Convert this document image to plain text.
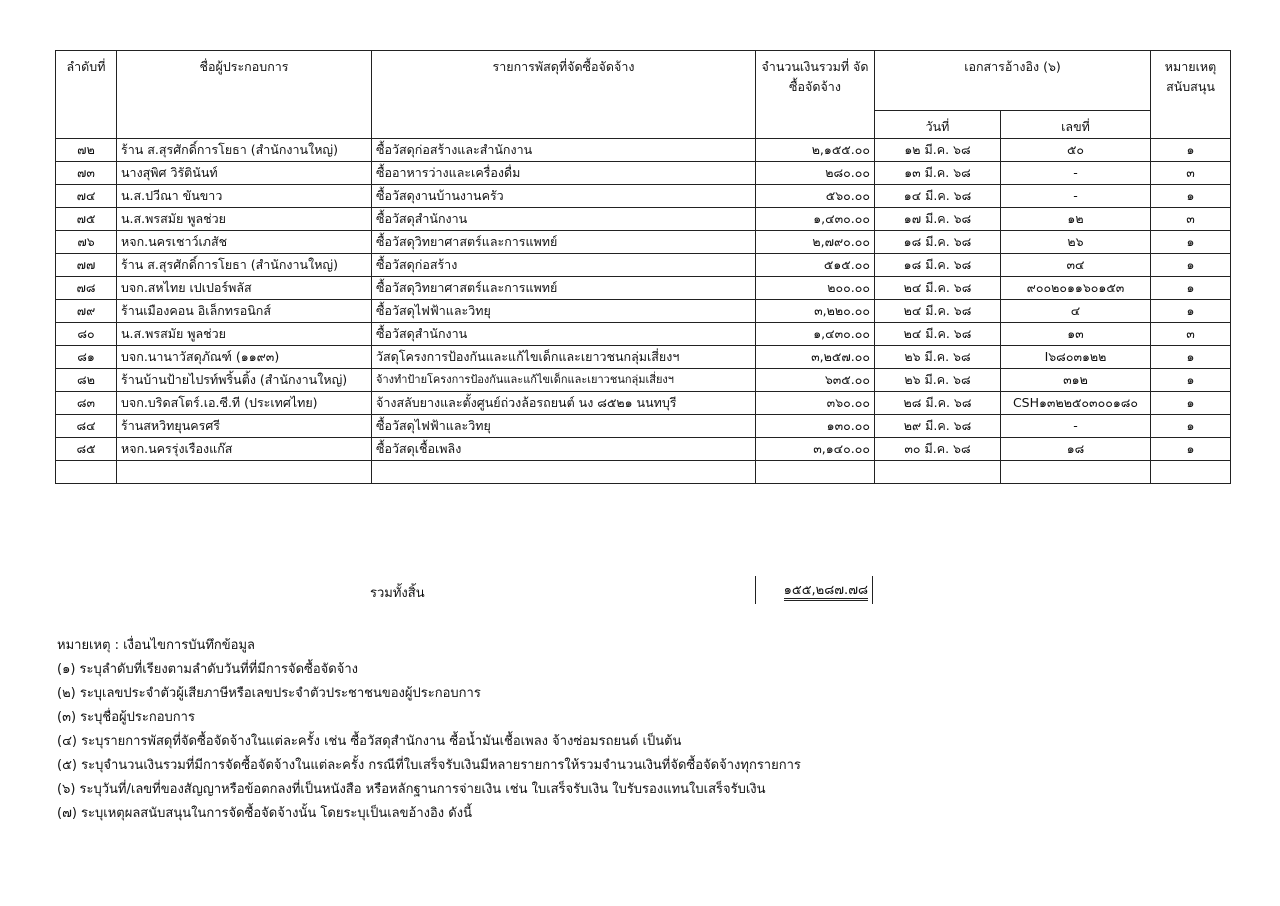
ลำดับที่	ชื่อผู้ประกอบการ	รายการพัสดุที่จัดซื้อจัดจ้าง	จำนวนเงินรวมที่ จัดซื้อจัดจ้าง	เอกสารอ้างอิง (๖)		หมายเหตุ สนับสนุน
				วันที่	เลขที่	
๗๒	ร้าน ส.สุรศักดิ์การโยธา (สำนักงานใหญ่)	ซื้อวัสดุก่อสร้างและสำนักงาน	๒,๑๕๕.๐๐	๑๒ มี.ค. ๖๘	๕๐	๑
๗๓	นางสุพิศ วิรัตินันท์	ซื้ออาหารว่างและเครื่องดื่ม	๒๘๐.๐๐	๑๓ มี.ค. ๖๘	-	๓
๗๔	น.ส.ปวีณา ขันขาว	ซื้อวัสดุงานบ้านงานครัว	๕๖๐.๐๐	๑๔ มี.ค. ๖๘	-	๑
๗๕	น.ส.พรสมัย พูลช่วย	ซื้อวัสดุสำนักงาน	๑,๔๓๐.๐๐	๑๗ มี.ค. ๖๘	๑๒	๓
๗๖	หจก.นครเชาว์เภสัช	ซื้อวัสดุวิทยาศาสตร์และการแพทย์	๒,๗๙๐.๐๐	๑๘ มี.ค. ๖๘	๒๖	๑
๗๗	ร้าน ส.สุรศักดิ์การโยธา (สำนักงานใหญ่)	ซื้อวัสดุก่อสร้าง	๕๑๕.๐๐	๑๘ มี.ค. ๖๘	๓๔	๑
๗๘	บจก.สหไทย เปเปอร์พลัส	ซื้อวัสดุวิทยาศาสตร์และการแพทย์	๒๐๐.๐๐	๒๔ มี.ค. ๖๘	๙๐๐๒๐๑๑๖๐๑๕๓	๑
๗๙	ร้านเมืองคอน อิเล็กทรอนิกส์	ซื้อวัสดุไฟฟ้าและวิทยุ	๓,๒๒๐.๐๐	๒๔ มี.ค. ๖๘	๔	๑
๘๐	น.ส.พรสมัย พูลช่วย	ซื้อวัสดุสำนักงาน	๑,๔๓๐.๐๐	๒๔ มี.ค. ๖๘	๑๓	๓
๘๑	บจก.นานาวัสดุภัณฑ์ (๑๑๙๓)	วัสดุโครงการป้องกันและแก้ไขเด็กและเยาวชนกลุ่มเสี่ยงฯ	๓,๒๕๗.๐๐	๒๖ มี.ค. ๖๘	I๖๘๐๓๑๒๒	๑
๘๒	ร้านบ้านป้ายไปรท์พริ้นติ้ง (สำนักงานใหญ่)	จ้างทำป้ายโครงการป้องกันและแก้ไขเด็กและเยาวชนกลุ่มเสี่ยงฯ	๖๓๕.๐๐	๒๖ มี.ค. ๖๘	๓๑๒	๑
๘๓	บจก.บริดสโตร์.เอ.ซี.ที (ประเทศไทย)	จ้างสลับยางและตั้งศูนย์ถ่วงล้อรถยนต์ นง ๘๕๒๑ นนทบุรี	๓๖๐.๐๐	๒๘ มี.ค. ๖๘	CSH๑๓๒๒๕๐๓๐๐๑๘๐	๑
๘๔	ร้านสหวิทยุนครศรี	ซื้อวัสดุไฟฟ้าและวิทยุ	๑๓๐.๐๐	๒๙ มี.ค. ๖๘	-	๑
๘๕	หจก.นครรุ่งเรืองแก๊ส	ซื้อวัสดุเชื้อเพลิง	๓,๑๔๐.๐๐	๓๐ มี.ค. ๖๘	๑๘	๑

รวมทั้งสิ้น	๑๕๕,๒๘๗.๗๘
หมายเหตุ : เงื่อนไขการบันทึกข้อมูล
(๑) ระบุลำดับที่เรียงตามลำดับวันที่ที่มีการจัดซื้อจัดจ้าง
(๒) ระบุเลขประจำตัวผู้เสียภาษีหรือเลขประจำตัวประชาชนของผู้ประกอบการ
(๓) ระบุชื่อผู้ประกอบการ
(๔) ระบุรายการพัสดุที่จัดซื้อจัดจ้างในแต่ละครั้ง เช่น ซื้อวัสดุสำนักงาน ซื้อน้ำมันเชื้อเพลง จ้างซ่อมรถยนต์ เป็นต้น
(๕) ระบุจำนวนเงินรวมที่มีการจัดซื้อจัดจ้างในแต่ละครั้ง กรณีที่ใบเสร็จรับเงินมีหลายรายการให้รวมจำนวนเงินที่จัดซื้อจัดจ้างทุกรายการ
(๖) ระบุวันที่/เลขที่ของสัญญาหรือข้อตกลงที่เป็นหนังสือ หรือหลักฐานการจ่ายเงิน เช่น ใบเสร็จรับเงิน ใบรับรองแทนใบเสร็จรับเงิน
(๗) ระบุเหตุผลสนับสนุนในการจัดซื้อจัดจ้างนั้น โดยระบุเป็นเลขอ้างอิง ดังนี้
